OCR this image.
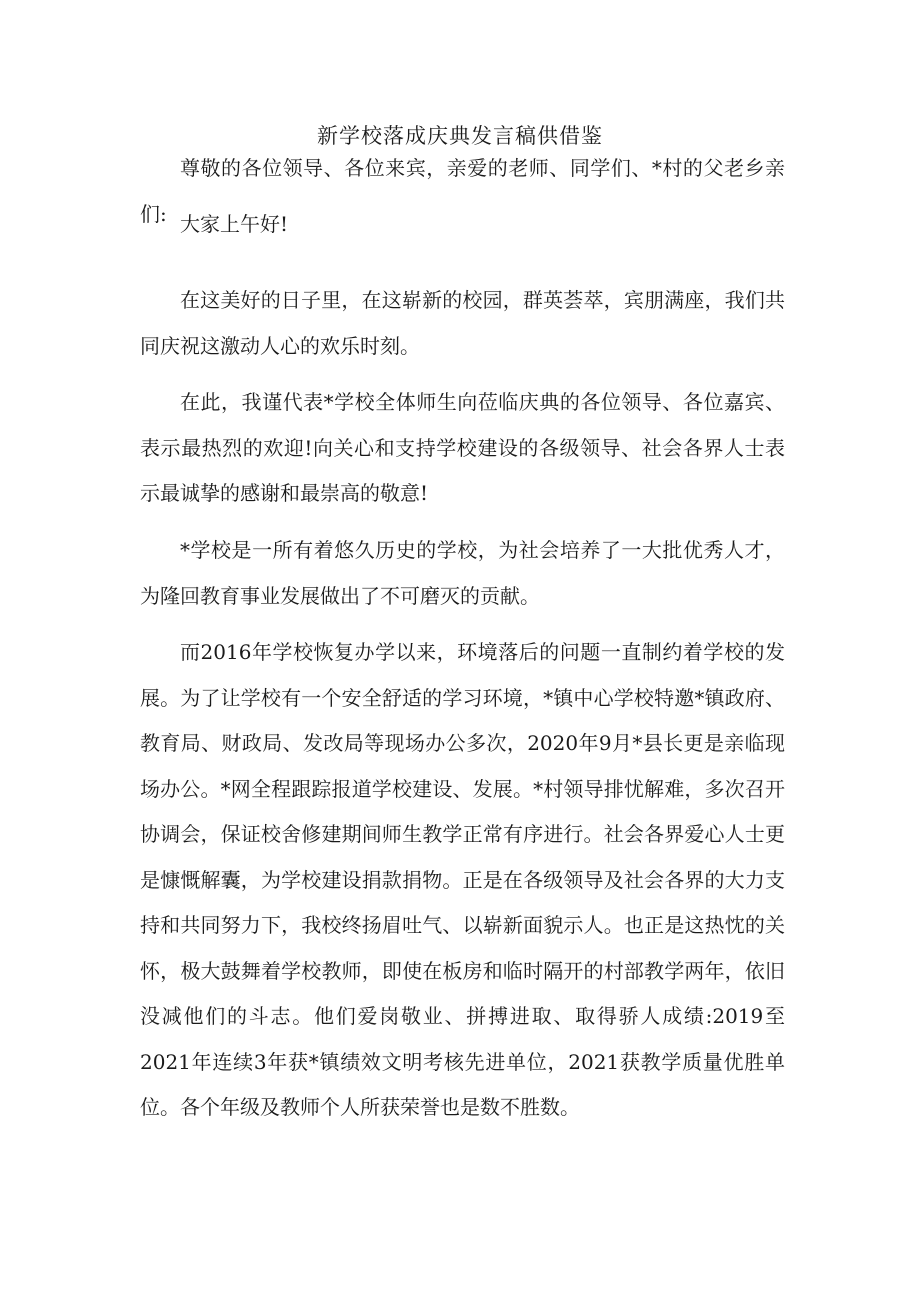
新学校落成庆典发言稿供借鉴

尊敬的各位领导、各位来宾，亲爱的老师、同学们、*村的父老乡亲们: 大家上午好!

在这美好的日子里，在这崭新的校园，群英荟萃，宾朋满座，我们共同庆祝这激动人心的欢乐时刻。

在此，我谨代表*学校全体师生向莅临庆典的各位领导、各位嘉宾、表示最热烈的欢迎!向关心和支持学校建设的各级领导、社会各界人士表示最诚挚的感谢和最崇高的敬意!

*学校是一所有着悠久历史的学校，为社会培养了一大批优秀人才，为隆回教育事业发展做出了不可磨灭的贡献。

而2016年学校恢复办学以来，环境落后的问题一直制约着学校的发展。为了让学校有一个安全舒适的学习环境，*镇中心学校特邀*镇政府、教育局、财政局、发改局等现场办公多次，2020年9月*县长更是亲临现场办公。*网全程跟踪报道学校建设、发展。*村领导排忧解难，多次召开协调会，保证校舍修建期间师生教学正常有序进行。社会各界爱心人士更是慷慨解囊，为学校建设捐款捐物。正是在各级领导及社会各界的大力支持和共同努力下，我校终扬眉吐气、以崭新面貌示人。也正是这热忱的关怀，极大鼓舞着学校教师，即使在板房和临时隔开的村部教学两年，依旧没减他们的斗志。他们爱岗敬业、拼搏进取、取得骄人成绩:2019至2021年连续3年获*镇绩效文明考核先进单位，2021获教学质量优胜单位。各个年级及教师个人所获荣誉也是数不胜数。
